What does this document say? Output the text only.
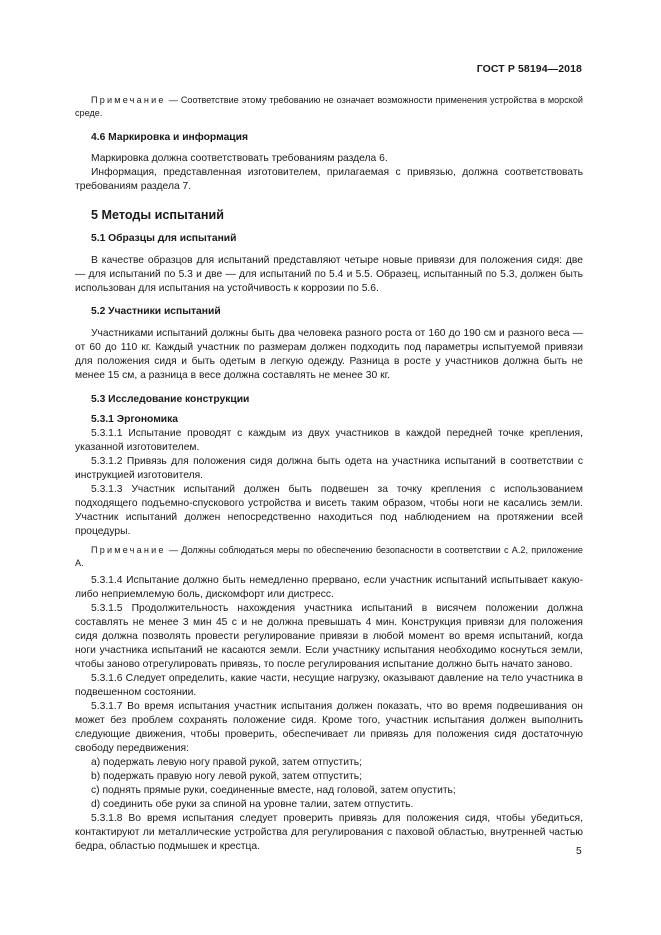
ГОСТ Р 58194—2018

Примечание — Соответствие этому требованию не означает возможности применения устройства в морской среде.

4.6 Маркировка и информация

Маркировка должна соответствовать требованиям раздела 6.

Информация, представленная изготовителем, прилагаемая с привязью, должна соответствовать требованиям раздела 7.

5 Методы испытаний

5.1 Образцы для испытаний

В качестве образцов для испытаний представляют четыре новые привязи для положения сидя: две — для испытаний по 5.3 и две — для испытаний по 5.4 и 5.5. Образец, испытанный по 5.3, должен быть использован для испытания на устойчивость к коррозии по 5.6.

5.2 Участники испытаний

Участниками испытаний должны быть два человека разного роста от 160 до 190 см и разного веса — от 60 до 110 кг. Каждый участник по размерам должен подходить под параметры испытуемой привязи для положения сидя и быть одетым в легкую одежду. Разница в росте у участников должна быть не менее 15 см, а разница в весе должна составлять не менее 30 кг.

5.3 Исследование конструкции

5.3.1 Эргономика

5.3.1.1 Испытание проводят с каждым из двух участников в каждой передней точке крепления, указанной изготовителем.

5.3.1.2 Привязь для положения сидя должна быть одета на участника испытаний в соответствии с инструкцией изготовителя.

5.3.1.3 Участник испытаний должен быть подвешен за точку крепления с использованием подходящего подъемно-спускового устройства и висеть таким образом, чтобы ноги не касались земли. Участник испытаний должен непосредственно находиться под наблюдением на протяжении всей процедуры.

Примечание — Должны соблюдаться меры по обеспечению безопасности в соответствии с А.2, приложение А.

5.3.1.4 Испытание должно быть немедленно прервано, если участник испытаний испытывает какую-либо неприемлемую боль, дискомфорт или дистресс.

5.3.1.5 Продолжительность нахождения участника испытаний в висячем положении должна составлять не менее 3 мин 45 с и не должна превышать 4 мин. Конструкция привязи для положения сидя должна позволять провести регулирование привязи в любой момент во время испытаний, когда ноги участника испытаний не касаются земли. Если участнику испытания необходимо коснуться земли, чтобы заново отрегулировать привязь, то после регулирования испытание должно быть начато заново.

5.3.1.6 Следует определить, какие части, несущие нагрузку, оказывают давление на тело участника в подвешенном состоянии.

5.3.1.7 Во время испытания участник испытания должен показать, что во время подвешивания он может без проблем сохранять положение сидя. Кроме того, участник испытания должен выполнить следующие движения, чтобы проверить, обеспечивает ли привязь для положения сидя достаточную свободу передвижения:

a) подержать левую ногу правой рукой, затем отпустить;

b) подержать правую ногу левой рукой, затем отпустить;

c) поднять прямые руки, соединенные вместе, над головой, затем опустить;

d) соединить обе руки за спиной на уровне талии, затем отпустить.

5.3.1.8 Во время испытания следует проверить привязь для положения сидя, чтобы убедиться, контактируют ли металлические устройства для регулирования с паховой областью, внутренней частью бедра, областью подмышек и крестца.	5
